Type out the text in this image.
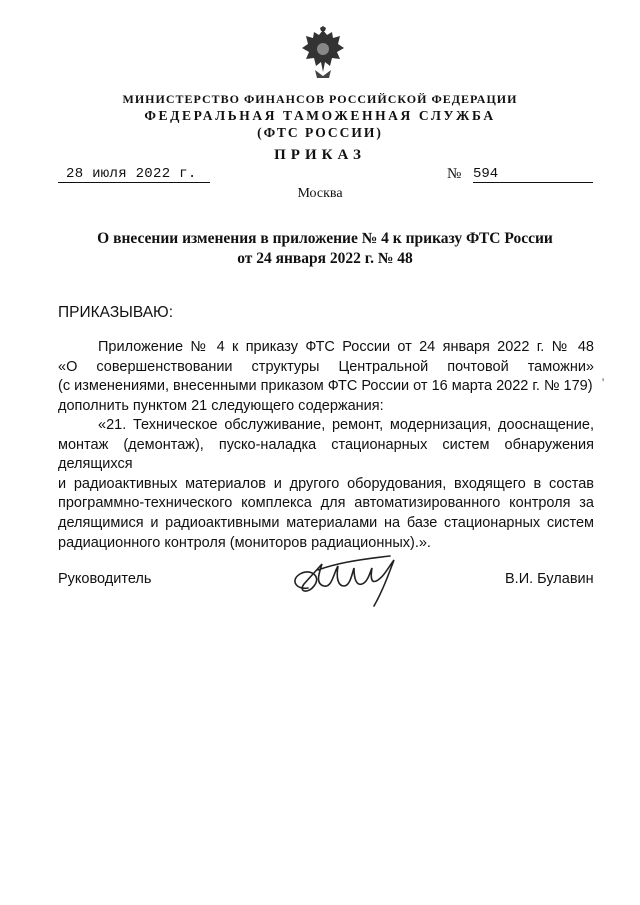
МИНИСТЕРСТВО ФИНАНСОВ РОССИЙСКОЙ ФЕДЕРАЦИИ
ФЕДЕРАЛЬНАЯ ТАМОЖЕННАЯ СЛУЖБА
(ФТС РОССИИ)
ПРИКАЗ
28 июля 2022 г.	№ 594
Москва
О внесении изменения в приложение № 4 к приказу ФТС России
от 24 января 2022 г. № 48
ПРИКАЗЫВАЮ:
Приложение № 4 к приказу ФТС России от 24 января 2022 г. № 48
«О совершенствовании структуры Центральной почтовой таможни»
(с изменениями, внесенными приказом ФТС России от 16 марта 2022 г. № 179)
дополнить пунктом 21 следующего содержания:
'
«21. Техническое обслуживание, ремонт, модернизация, дооснащение,
монтаж (демонтаж), пуско-наладка стационарных систем обнаружения делящихся
и радиоактивных материалов и другого оборудования, входящего в состав
программно-технического комплекса для автоматизированного контроля за
делящимися и радиоактивными материалами на базе стационарных систем
радиационного контроля (мониторов радиационных).».
Руководитель	В.И. Булавин
